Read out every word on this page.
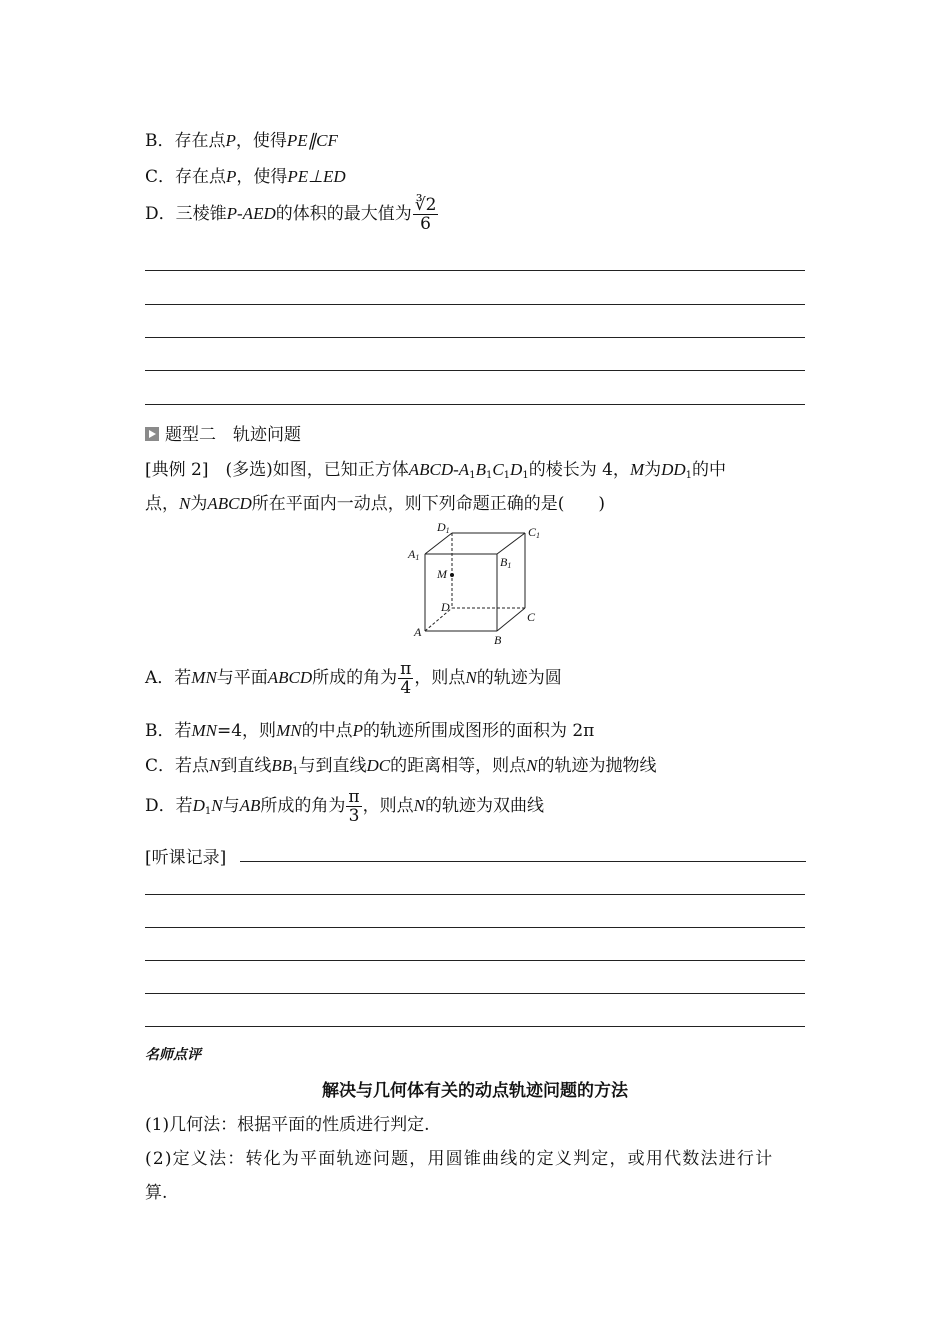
B．存在点P，使得PE∥CF
C．存在点P，使得PE⊥ED
D．三棱锥P-AED的体积的最大值为 $\frac{∛2}{6}$
题型二　轨迹问题
[典例 2]　 (多选)如图，已知正方体ABCD-$A_1B_1C_1D_1$的棱长为 4，M为$DD_1$的中
点，N为ABCD所在平面内一动点，则下列命题正确的是(　　)
D1	C1
A1	B1
M
D
C
A
B
A．若MN与平面ABCD所成的角为 $\frac{\pi}{4}$ ，则点N的轨迹为圆
B．若MN=4，则MN的中点P的轨迹所围成图形的面积为 2π
C．若点N到直线$BB_1$与到直线DC的距离相等，则点N的轨迹为抛物线
D．若$D_1N$与AB所成的角为 $\frac{\pi}{3}$ ，则点N的轨迹为双曲线
[听课记录]
名师点评
解决与几何体有关的动点轨迹问题的方法
(1)几何法：根据平面的性质进行判定.
(2)定义法：转化为平面轨迹问题，用圆锥曲线的定义判定，或用代数法进行计
算.
